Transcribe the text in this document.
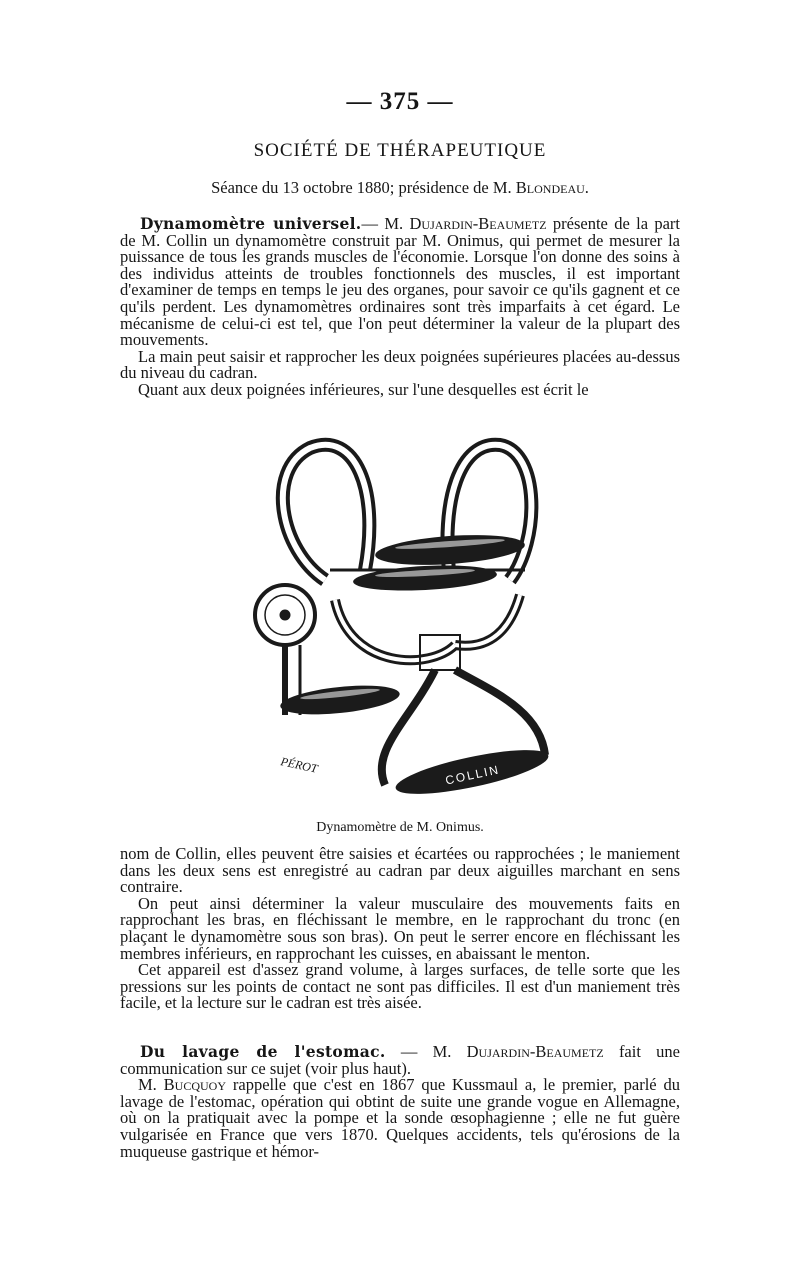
— 375 —
SOCIÉTÉ DE THÉRAPEUTIQUE
Séance du 13 octobre 1880; présidence de M. Blondeau.

Dynamomètre universel.— M. Dujardin-Beaumetz présente de la part de M. Collin un dynamomètre construit par M. Onimus, qui permet de mesurer la puissance de tous les grands muscles de l'économie. Lorsque l'on donne des soins à des individus atteints de troubles fonctionnels des muscles, il est important d'examiner de temps en temps le jeu des organes, pour savoir ce qu'ils gagnent et ce qu'ils perdent. Les dynamomètres ordinaires sont très imparfaits à cet égard. Le mécanisme de celui-ci est tel, que l'on peut déterminer la valeur de la plupart des mouvements.

La main peut saisir et rapprocher les deux poignées supérieures placées au-dessus du niveau du cadran.

Quant aux deux poignées inférieures, sur l'une desquelles est écrit le

COLLIN
PÉROT
Dynamomètre de M. Onimus.

nom de Collin, elles peuvent être saisies et écartées ou rapprochées ; le maniement dans les deux sens est enregistré au cadran par deux aiguilles marchant en sens contraire.

On peut ainsi déterminer la valeur musculaire des mouvements faits en rapprochant les bras, en fléchissant le membre, en le rapprochant du tronc (en plaçant le dynamomètre sous son bras). On peut le serrer encore en fléchissant les membres inférieurs, en rapprochant les cuisses, en abaissant le menton.

Cet appareil est d'assez grand volume, à larges surfaces, de telle sorte que les pressions sur les points de contact ne sont pas difficiles. Il est d'un maniement très facile, et la lecture sur le cadran est très aisée.

Du lavage de l'estomac. — M. Dujardin-Beaumetz fait une communication sur ce sujet (voir plus haut).

M. Bucquoy rappelle que c'est en 1867 que Kussmaul a, le premier, parlé du lavage de l'estomac, opération qui obtint de suite une grande vogue en Allemagne, où on la pratiquait avec la pompe et la sonde œsophagienne ; elle ne fut guère vulgarisée en France que vers 1870. Quelques accidents, tels qu'érosions de la muqueuse gastrique et hémor-
